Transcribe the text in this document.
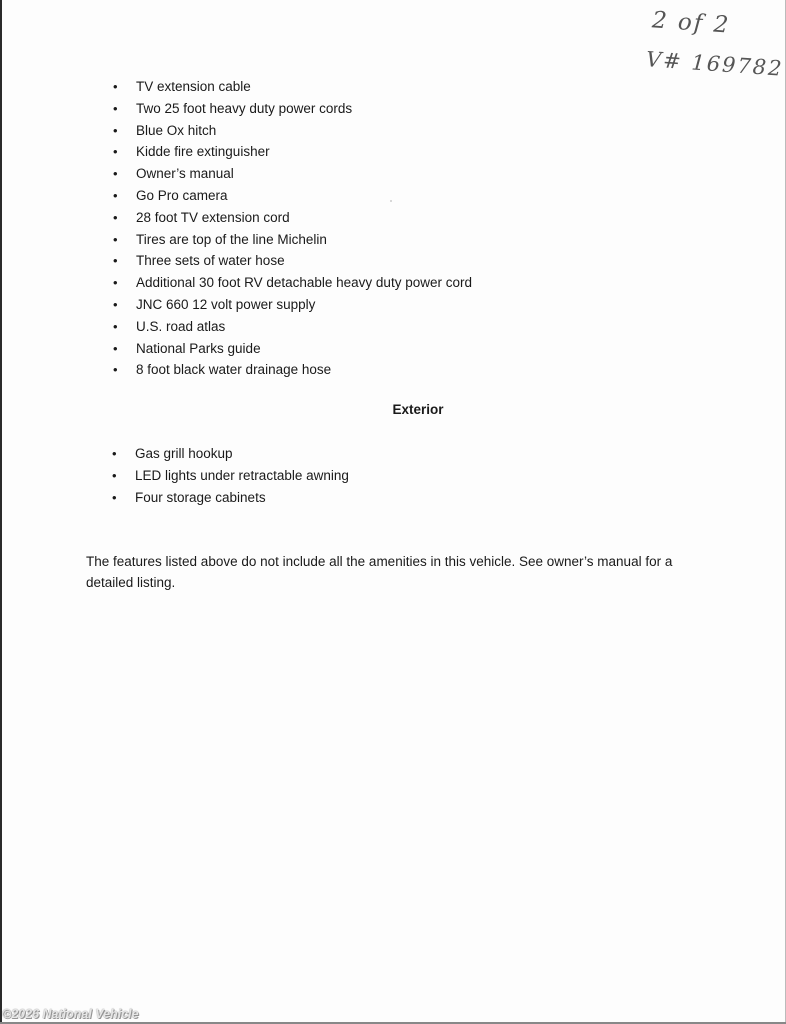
2 of 2
V# 169782
• TV extension cable
• Two 25 foot heavy duty power cords
• Blue Ox hitch
• Kidde fire extinguisher
• Owner’s manual
• Go Pro camera
• 28 foot TV extension cord
• Tires are top of the line Michelin
• Three sets of water hose
• Additional 30 foot RV detachable heavy duty power cord
• JNC 660 12 volt power supply
• U.S. road atlas
• National Parks guide
• 8 foot black water drainage hose
Exterior
• Gas grill hookup
• LED lights under retractable awning
• Four storage cabinets
The features listed above do not include all the amenities in this vehicle. See owner’s manual for a detailed listing.
©2026 National Vehicle
